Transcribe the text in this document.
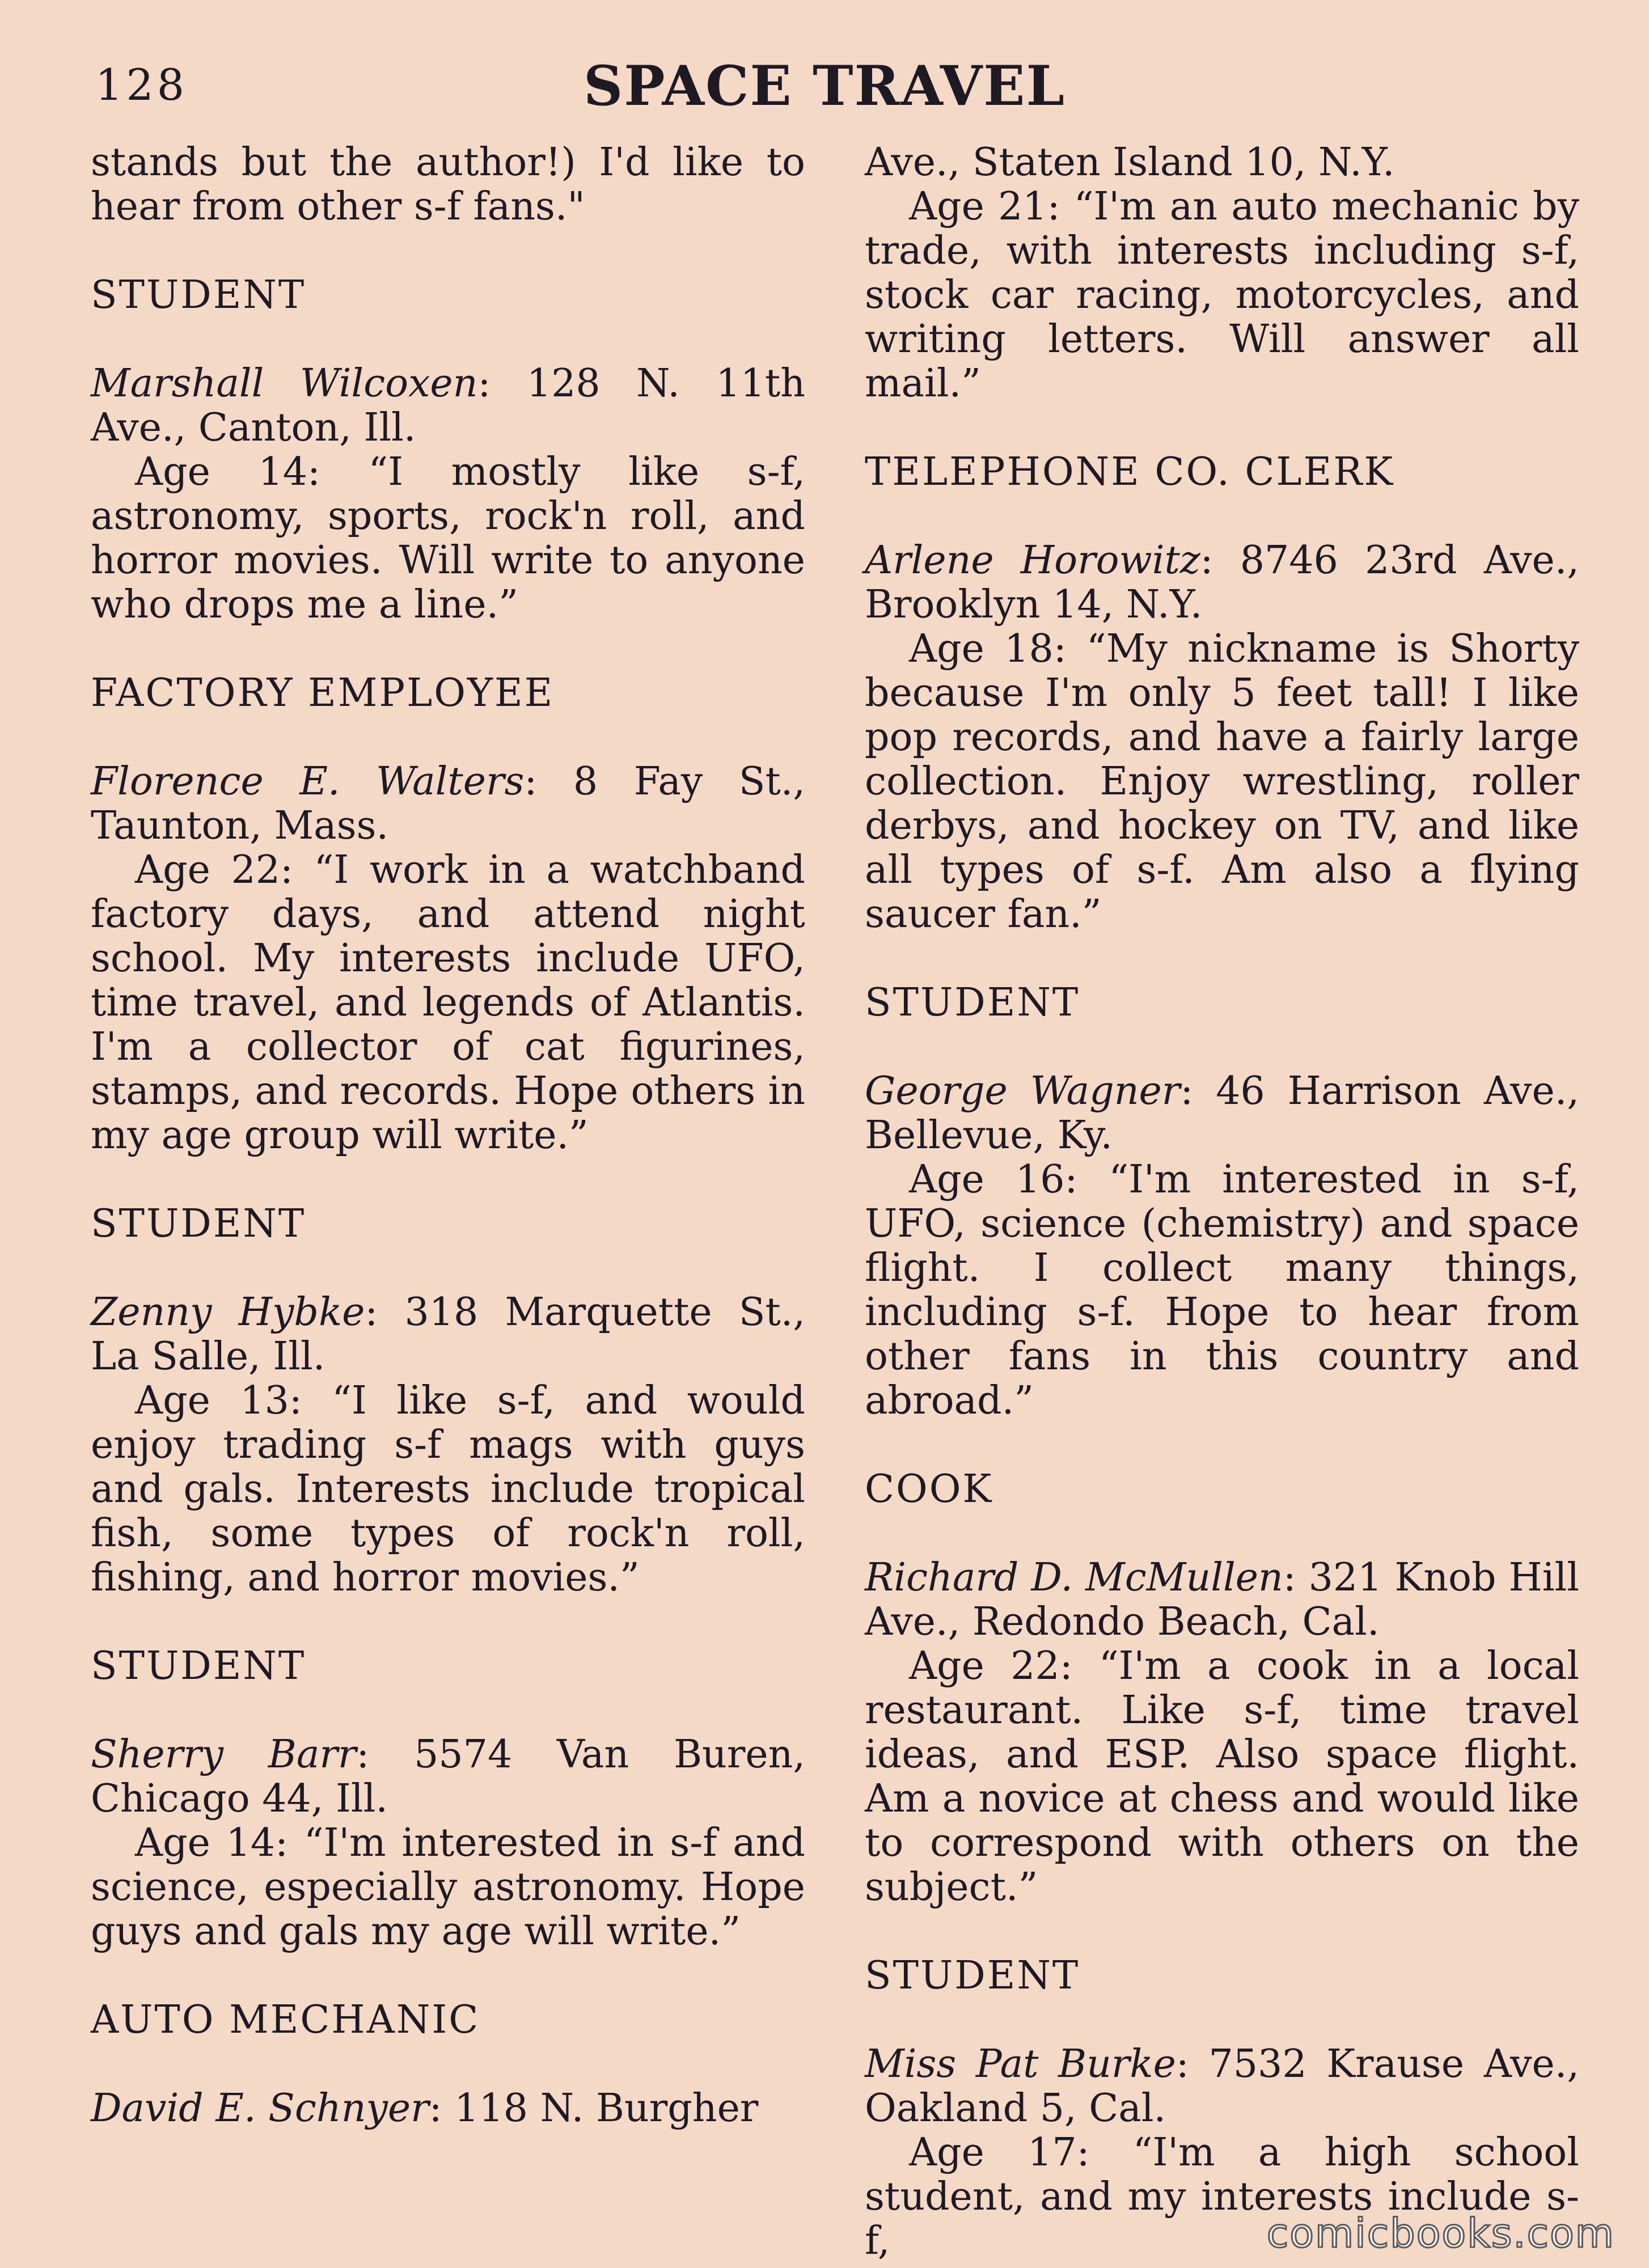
128	SPACE TRAVEL

stands but the author!) I'd like to hear from other s-f fans."

STUDENT

Marshall Wilcoxen: 128 N. 11th Ave., Canton, Ill.

Age 14: “I mostly like s-f, astronomy, sports, rock'n roll, and horror movies. Will write to anyone who drops me a line.”

FACTORY EMPLOYEE

Florence E. Walters: 8 Fay St., Taunton, Mass.

Age 22: “I work in a watchband factory days, and attend night school. My interests include UFO, time travel, and legends of Atlantis. I'm a collector of cat figurines, stamps, and records. Hope others in my age group will write.”

STUDENT

Zenny Hybke: 318 Marquette St., La Salle, Ill.

Age 13: “I like s-f, and would enjoy trading s-f mags with guys and gals. Interests include tropical fish, some types of rock'n roll, fishing, and horror movies.”

STUDENT

Sherry Barr: 5574 Van Buren, Chicago 44, Ill.

Age 14: “I'm interested in s-f and science, especially astronomy. Hope guys and gals my age will write.”

AUTO MECHANIC

David E. Schnyer: 118 N. Burgher

Ave., Staten Island 10, N.Y.

Age 21: “I'm an auto mechanic by trade, with interests including s-f, stock car racing, motorcycles, and writing letters. Will answer all mail.”

TELEPHONE CO. CLERK

Arlene Horowitz: 8746 23rd Ave., Brooklyn 14, N.Y.

Age 18: “My nickname is Shorty because I'm only 5 feet tall! I like pop records, and have a fairly large collection. Enjoy wrestling, roller derbys, and hockey on TV, and like all types of s-f. Am also a flying saucer fan.”

STUDENT

George Wagner: 46 Harrison Ave., Bellevue, Ky.

Age 16: “I'm interested in s-f, UFO, science (chemistry) and space flight. I collect many things, including s-f. Hope to hear from other fans in this country and abroad.”

COOK

Richard D. McMullen: 321 Knob Hill Ave., Redondo Beach, Cal.

Age 22: “I'm a cook in a local restaurant. Like s-f, time travel ideas, and ESP. Also space flight. Am a novice at chess and would like to correspond with others on the subject.”

STUDENT

Miss Pat Burke: 7532 Krause Ave., Oakland 5, Cal.

Age 17: “I'm a high school student, and my interests include s-f,	comicbooks.com
